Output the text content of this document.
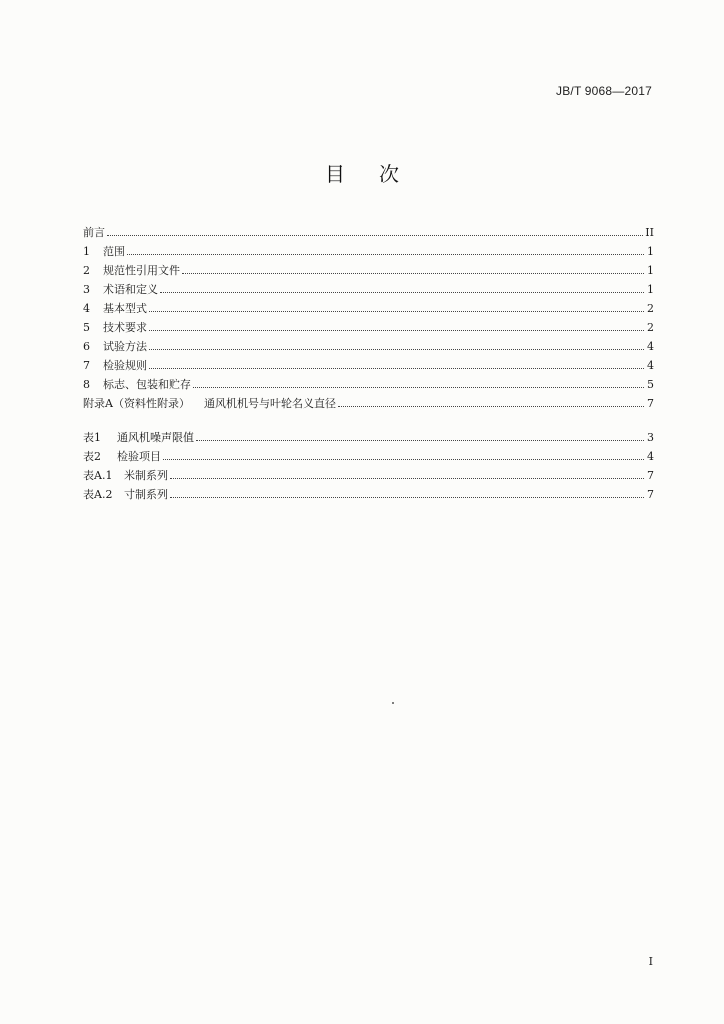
JB/T 9068—2017
目次
前言	II
1	范围	1
2	规范性引用文件	1
3	术语和定义	1
4	基本型式	2
5	技术要求	2
6	试验方法	4
7	检验规则	4
8	标志、包装和贮存	5
附录A（资料性附录） 通风机机号与叶轮名义直径	7
表1	通风机噪声限值	3
表2	检验项目	4
表A.1	米制系列	7
表A.2	寸制系列	7
I
